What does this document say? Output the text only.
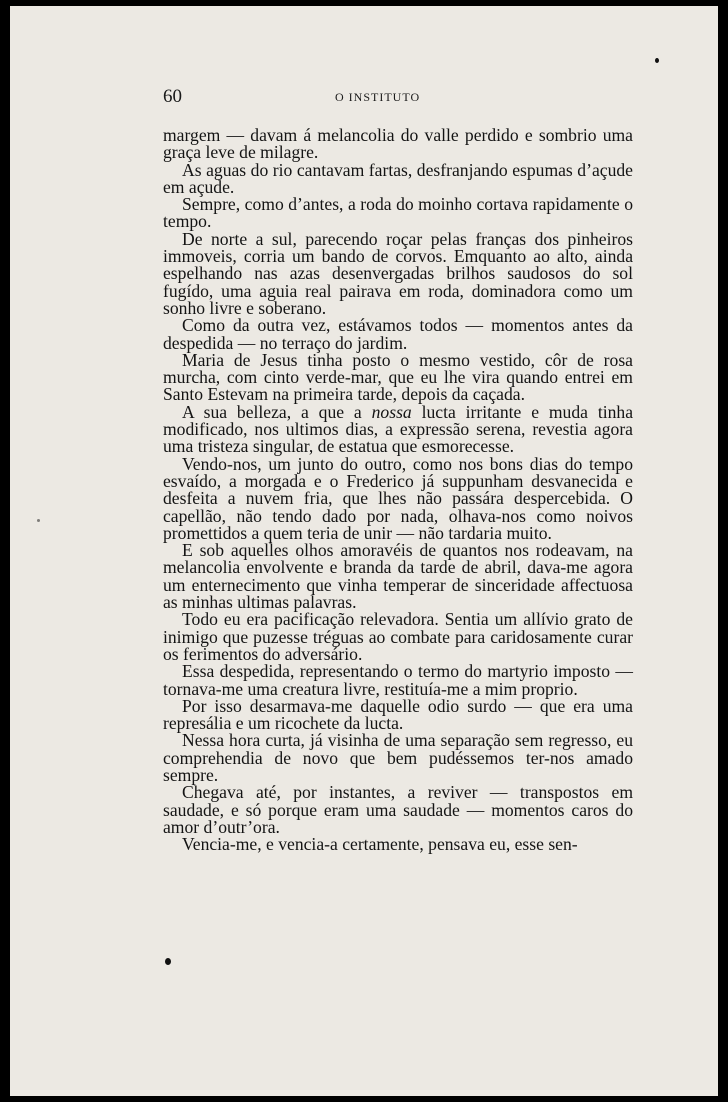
60	O INSTITUTO

margem — davam á melancolia do valle perdido e sombrio uma graça leve de milagre.

As aguas do rio cantavam fartas, desfranjando espumas d’açude em açude.

Sempre, como d’antes, a roda do moinho cortava rapidamente o tempo.

De norte a sul, parecendo roçar pelas franças dos pinheiros immoveis, corria um bando de corvos. Emquanto ao alto, ainda espelhando nas azas desenvergadas brilhos saudosos do sol fugído, uma aguia real pairava em roda, dominadora como um sonho livre e soberano.

Como da outra vez, estávamos todos — momentos antes da despedida — no terraço do jardim.

Maria de Jesus tinha posto o mesmo vestido, côr de rosa murcha, com cinto verde-mar, que eu lhe vira quando entrei em Santo Estevam na primeira tarde, depois da caçada.

A sua belleza, a que a nossa lucta irritante e muda tinha modificado, nos ultimos dias, a expressão serena, revestia agora uma tristeza singular, de estatua que esmorecesse.

Vendo-nos, um junto do outro, como nos bons dias do tempo esvaído, a morgada e o Frederico já suppunham desvanecida e desfeita a nuvem fria, que lhes não passára despercebida. O capellão, não tendo dado por nada, olhava-nos como noivos promettidos a quem teria de unir — não tardaria muito.

E sob aquelles olhos amoravéis de quantos nos rodeavam, na melancolia envolvente e branda da tarde de abril, dava-me agora um enternecimento que vinha temperar de sinceridade affectuosa as minhas ultimas palavras.

Todo eu era pacificação relevadora. Sentia um allívio grato de inimigo que puzesse tréguas ao combate para caridosamente curar os ferimentos do adversário.

Essa despedida, representando o termo do martyrio imposto — tornava-me uma creatura livre, restituía-me a mim proprio.

Por isso desarmava-me daquelle odio surdo — que era uma represália e um ricochete da lucta.

Nessa hora curta, já visinha de uma separação sem regresso, eu comprehendia de novo que bem pudéssemos ter-nos amado sempre.

Chegava até, por instantes, a reviver — transpostos em saudade, e só porque eram uma saudade — momentos caros do amor d’outr’ora.

Vencia-me, e vencia-a certamente, pensava eu, esse sen-
